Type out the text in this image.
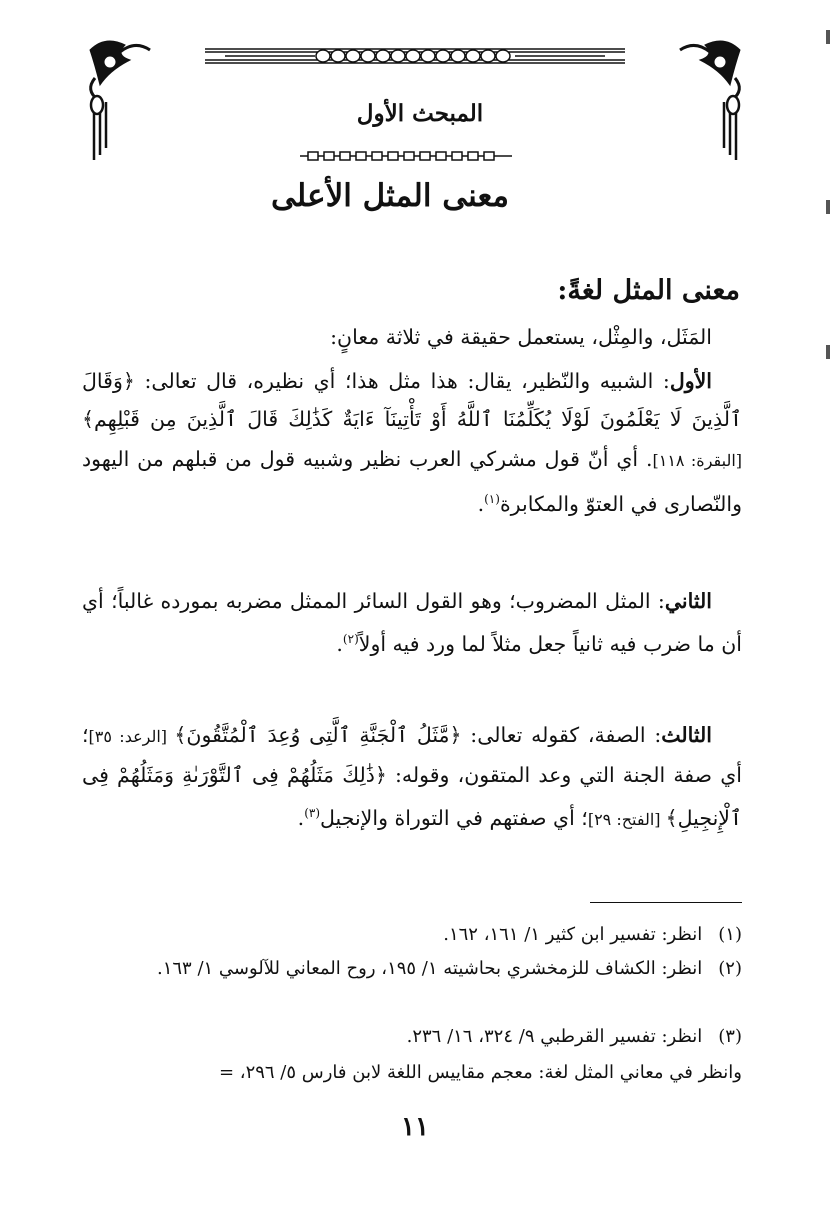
المبحث الأول
معنى المثل الأعلى
معنى المثل لغةً:
المَثَل، والمِثْل، يستعمل حقيقة في ثلاثة معانٍ:
الأول: الشبيه والنّظير، يقال: هذا مثل هذا؛ أي نظيره، قال تعالى: ﴿وَقَالَ ٱلَّذِينَ لَا يَعْلَمُونَ لَوْلَا يُكَلِّمُنَا ٱللَّهُ أَوْ تَأْتِينَآ ءَايَةٌ كَذَٰلِكَ قَالَ ٱلَّذِينَ مِن قَبْلِهِم﴾ [البقرة: ١١٨]. أي أنّ قول مشركي العرب نظير وشبيه قول من قبلهم من اليهود والنّصارى في العتوّ والمكابرة$^{(١)}$.
الثاني: المثل المضروب؛ وهو القول السائر الممثل مضربه بمورده غالباً؛ أي أن ما ضرب فيه ثانياً جعل مثلاً لما ورد فيه أولاً$^{(٢)}$.
الثالث: الصفة، كقوله تعالى: ﴿مَّثَلُ ٱلْجَنَّةِ ٱلَّتِى وُعِدَ ٱلْمُتَّقُونَ﴾ [الرعد: ٣٥]؛ أي صفة الجنة التي وعد المتقون، وقوله: ﴿ذَٰلِكَ مَثَلُهُمْ فِى ٱلتَّوْرَىٰةِ وَمَثَلُهُمْ فِى ٱلْإِنجِيلِ﴾ [الفتح: ٢٩]؛ أي صفتهم في التوراة والإنجيل$^{(٣)}$.
(١) انظر: تفسير ابن كثير ١/ ١٦١، ١٦٢.
(٢) انظر: الكشاف للزمخشري بحاشيته ١/ ١٩٥، روح المعاني للآلوسي ١/ ١٦٣.
(٣) انظر: تفسير القرطبي ٩/ ٣٢٤، ١٦/ ٢٣٦.
وانظر في معاني المثل لغة: معجم مقاييس اللغة لابن فارس ٥/ ٢٩٦، =
١١
